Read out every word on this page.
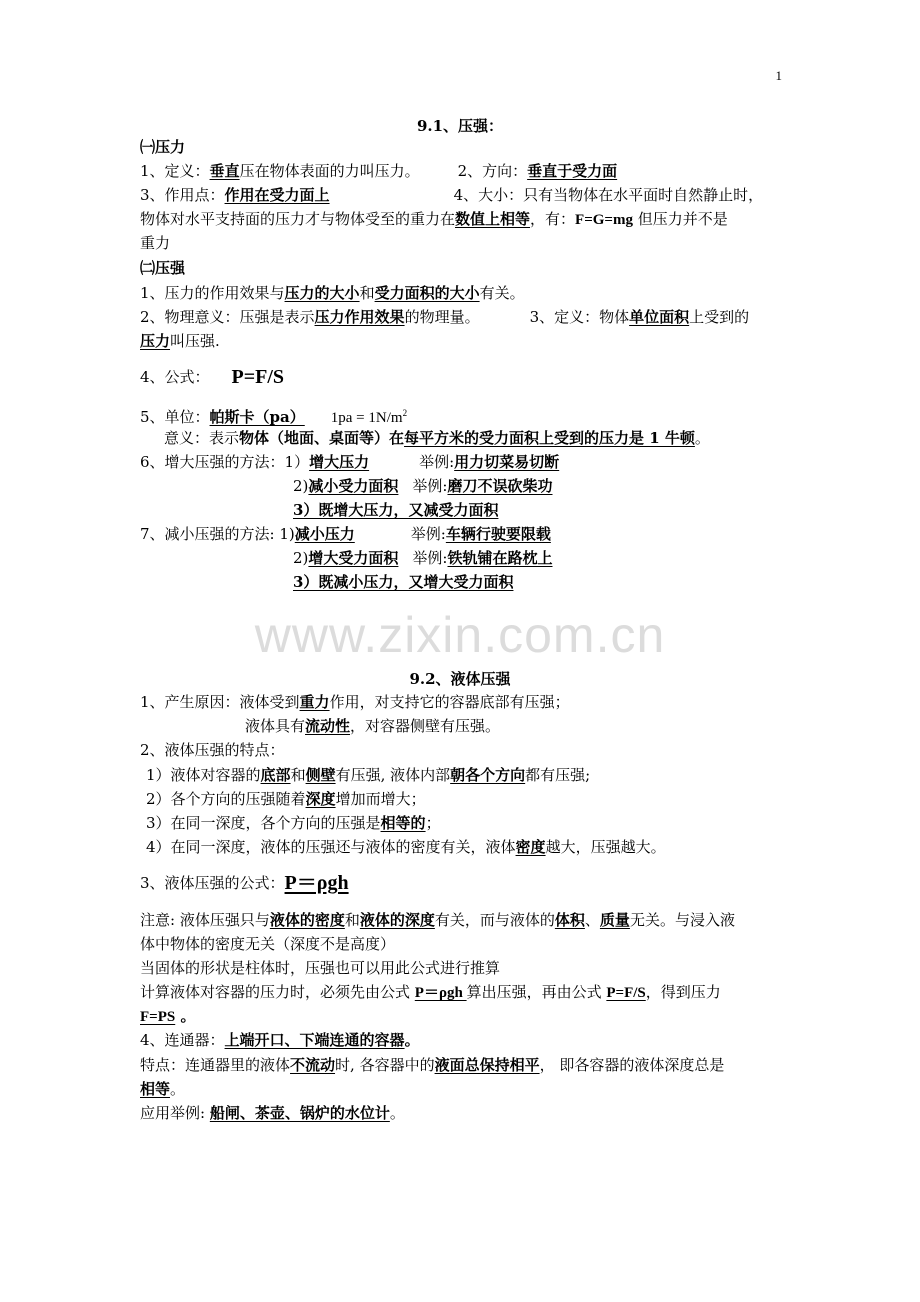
1
9.1、压强：
㈠压力
1、定义：垂直压在物体表面的力叫压力。	2、方向：垂直于受力面
3、作用点：作用在受力面上	4、大小：只有当物体在水平面时自然静止时，
物体对水平支持面的压力才与物体受至的重力在数值上相等，有：F=G=mg 但压力并不是
重力
㈡压强
1、压力的作用效果与压力的大小和受力面积的大小有关。
2、物理意义：压强是表示压力作用效果的物理量。	3、定义：物体单位面积上受到的
压力叫压强.
4、公式： P=F/S
5、单位：帕斯卡（pa） $1pa = 1N/m^2$
意义：表示物体（地面、桌面等）在每平方米的受力面积上受到的压力是 1 牛顿。
6、增大压强的方法：1）增大压力	举例:用力切菜易切断
2)减小受力面积 举例:磨刀不误砍柴功
3）既增大压力，又减受力面积
7、减小压强的方法: 1)减小压力	举例:车辆行驶要限载
2)增大受力面积 举例:铁轨铺在路枕上
3）既减小压力，又增大受力面积
www.zixin.com.cn
9.2、液体压强
1、产生原因：液体受到重力作用，对支持它的容器底部有压强；
液体具有流动性，对容器侧壁有压强。
2、液体压强的特点：
1）液体对容器的底部和侧壁有压强, 液体内部朝各个方向都有压强;
2）各个方向的压强随着深度增加而增大；
3）在同一深度，各个方向的压强是相等的；
4）在同一深度，液体的压强还与液体的密度有关，液体密度越大，压强越大。
3、液体压强的公式：P＝ρgh
注意: 液体压强只与液体的密度和液体的深度有关，而与液体的体积、质量无关。与浸入液
体中物体的密度无关（深度不是高度）
当固体的形状是柱体时，压强也可以用此公式进行推算
计算液体对容器的压力时，必须先由公式 P＝ρgh 算出压强，再由公式 P=F/S，得到压力
F=PS 。
4、连通器：上端开口、下端连通的容器。
特点：连通器里的液体不流动时, 各容器中的液面总保持相平， 即各容器的液体深度总是
相等。
应用举例: 船闸、茶壶、锅炉的水位计。
